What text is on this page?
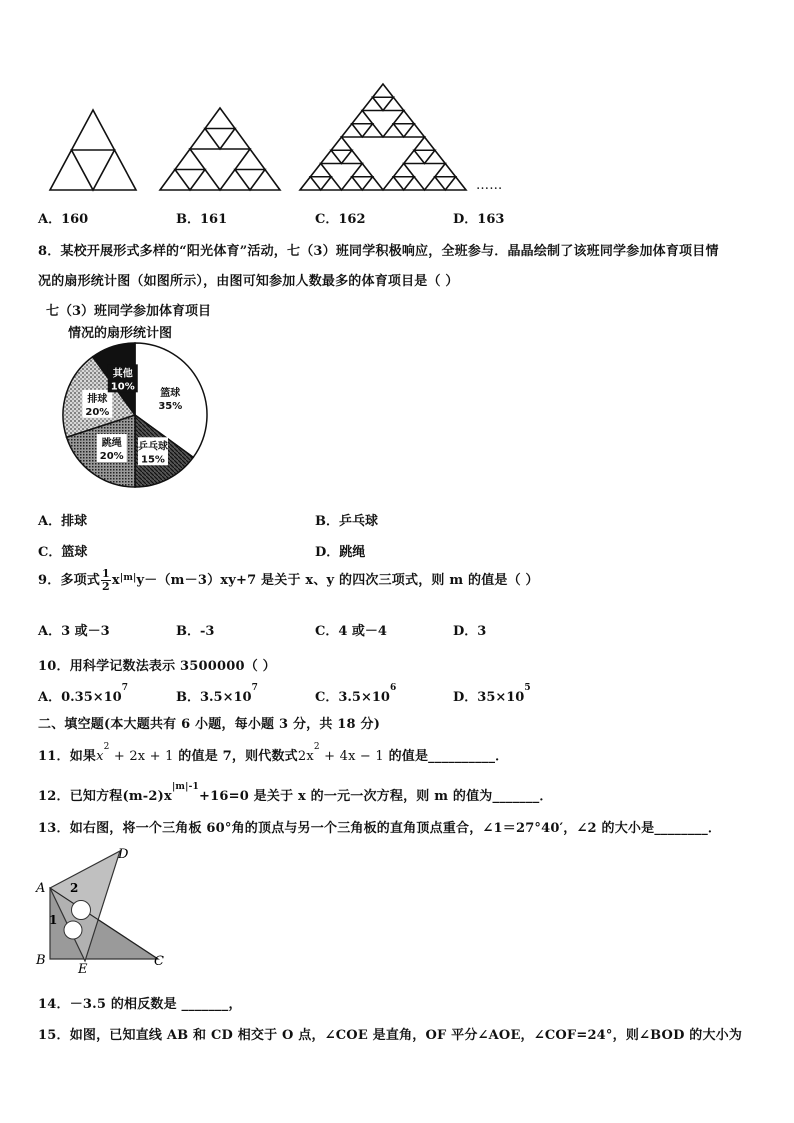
……
A．160	B．161	C．162	D．163
8．某校开展形式多样的“阳光体育”活动，七（3）班同学积极响应，全班参与．晶晶绘制了该班同学参加体育项目情
况的扇形统计图（如图所示），由图可知参加人数最多的体育项目是（ ）
七（3）班同学参加体育项目
情况的扇形统计图
篮球
35%
乒乓球
15%
跳绳
20%
排球
20%
其他
10%
A．排球	B．乒乓球
C．篮球	D．跳绳
9．多项式 $\frac{1}{2} x^{|m|}y-(m-3)xy+7$ 是关于 x、y 的四次三项式，则 m 的值是（ ）
A．3 或－3	B．-3	C．4 或－4	D．3
10．用科学记数法表示 3500000（ ）
A．$0.35\times 10^7$
B．$3.5\times 10^7$
C．$3.5\times 10^6$
D．$35\times 10^5$
二、填空题(本大题共有 6 小题，每小题 3 分，共 18 分)
11．如果$x^2 + 2x + 1$ 的值是 7，则代数式$2x^2 + 4x - 1$ 的值是__________．
12．已知方程$(m-2)x^{|m|-1}+16=0$ 是关于 x 的一元一次方程，则 m 的值为_______．
13．如右图，将一个三角板 60°角的顶点与另一个三角板的直角顶点重合，∠1＝27°40′，∠2 的大小是________．
A
B	C
D
E
2
1
14．－3.5 的相反数是 _______，
15．如图，已知直线 AB 和 CD 相交于 O 点，∠COE 是直角，OF 平分∠AOE，∠COF=24°，则∠BOD 的大小为
